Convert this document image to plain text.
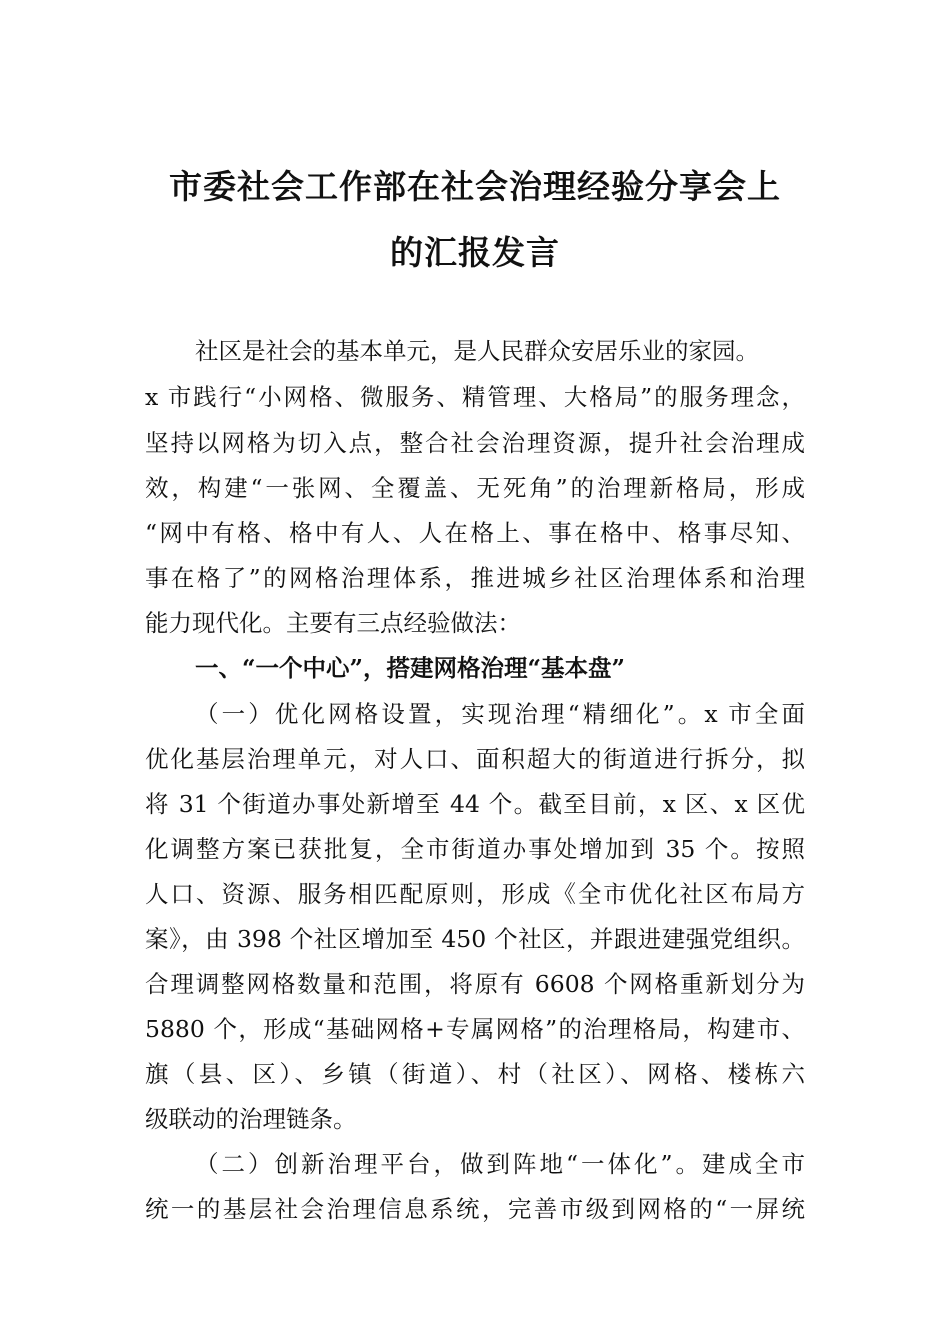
市委社会工作部在社会治理经验分享会上
的汇报发言

社区是社会的基本单元，是人民群众安居乐业的家园。

x 市践行“小网格、微服务、精管理、大格局”的服务理念，

坚持以网格为切入点，整合社会治理资源，提升社会治理成

效，构建“一张网、全覆盖、无死角”的治理新格局，形成

“网中有格、格中有人、人在格上、事在格中、格事尽知、

事在格了”的网格治理体系，推进城乡社区治理体系和治理

能力现代化。主要有三点经验做法：

一、“一个中心”，搭建网格治理“基本盘”

（一）优化网格设置，实现治理“精细化”。x 市全面

优化基层治理单元，对人口、面积超大的街道进行拆分，拟

将 31 个街道办事处新增至 44 个。截至目前，x 区、x 区优

化调整方案已获批复，全市街道办事处增加到 35 个。按照

人口、资源、服务相匹配原则，形成《全市优化社区布局方

案》，由 398 个社区增加至 450 个社区，并跟进建强党组织。

合理调整网格数量和范围，将原有 6608 个网格重新划分为

5880 个，形成“基础网格+专属网格”的治理格局，构建市、

旗（县、区）、乡镇（街道）、村（社区）、网格、楼栋六

级联动的治理链条。

（二）创新治理平台，做到阵地“一体化”。建成全市

统一的基层社会治理信息系统，完善市级到网格的“一屏统
